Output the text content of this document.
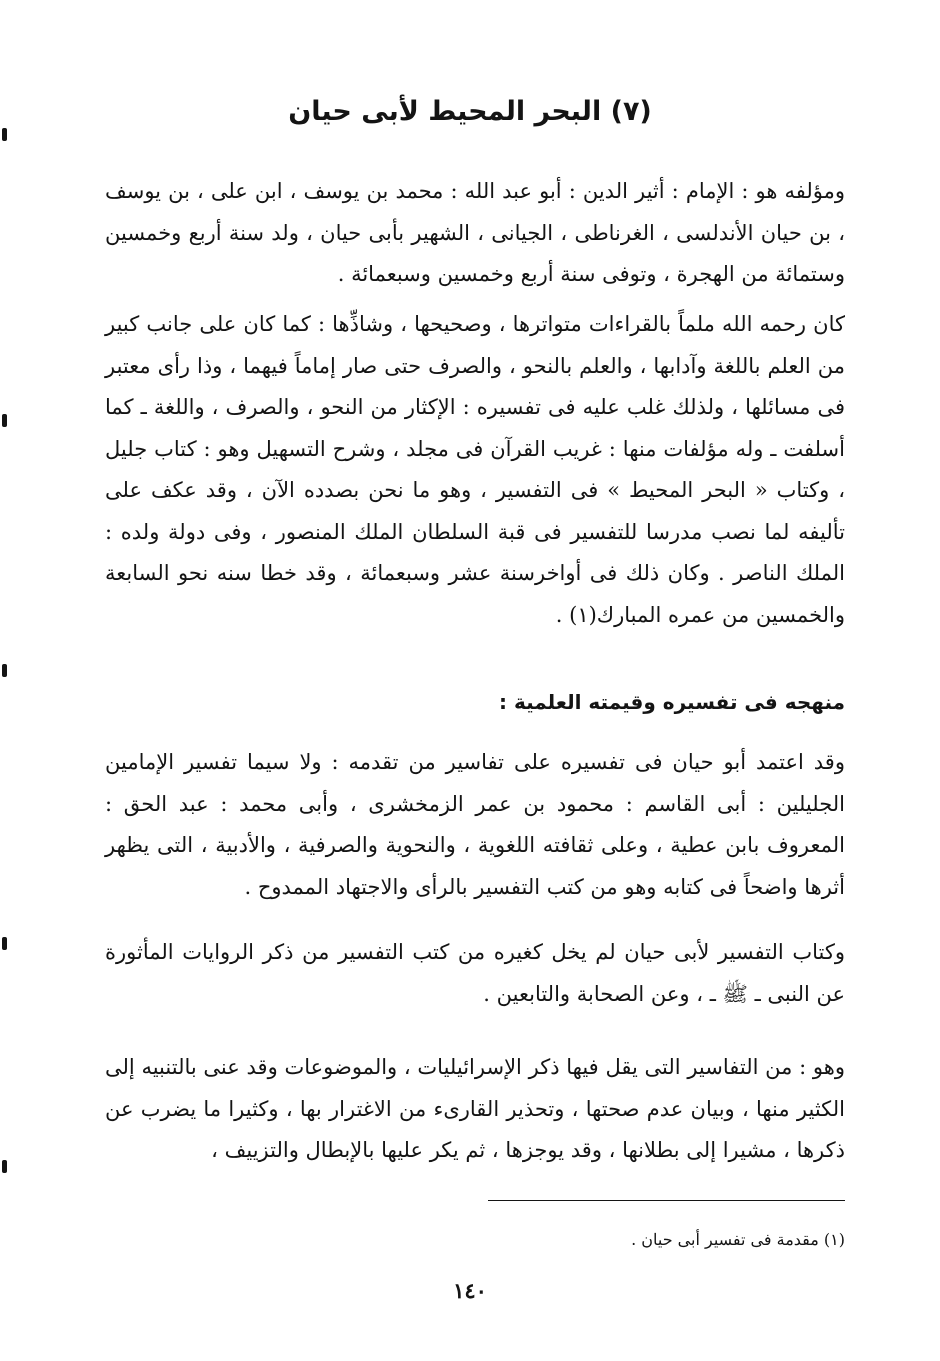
(٧) البحر المحيط لأبى حيان

ومؤلفه هو : الإمام : أثير الدين : أبو عبد الله : محمد بن يوسف ، ابن على ، بن يوسف ، بن حيان الأندلسى ، الغرناطى ، الجيانى ، الشهير بأبى حيان ، ولد سنة أربع وخمسين وستمائة من الهجرة ، وتوفى سنة أربع وخمسين وسبعمائة .

كان رحمه الله ملماً بالقراءات متواترها ، وصحيحها ، وشاذِّها : كما كان على جانب كبير من العلم باللغة وآدابها ، والعلم بالنحو ، والصرف حتى صار إماماً فيهما ، وذا رأى معتبر فى مسائلها ، ولذلك غلب عليه فى تفسيره : الإكثار من النحو ، والصرف ، واللغة ـ كما أسلفت ـ وله مؤلفات منها : غريب القرآن فى مجلد ، وشرح التسهيل وهو : كتاب جليل ، وكتاب « البحر المحيط » فى التفسير ، وهو ما نحن بصدده الآن ، وقد عكف على تأليفه لما نصب مدرسا للتفسير فى قبة السلطان الملك المنصور ، وفى دولة ولده : الملك الناصر . وكان ذلك فى أواخرسنة عشر وسبعمائة ، وقد خطا سنه نحو السابعة والخمسين من عمره المبارك(١) .

منهجه فى تفسيره وقيمته العلمية :

وقد اعتمد أبو حيان فى تفسيره على تفاسير من تقدمه : ولا سيما تفسير الإمامين الجليلين : أبى القاسم : محمود بن عمر الزمخشرى ، وأبى محمد : عبد الحق : المعروف بابن عطية ، وعلى ثقافته اللغوية ، والنحوية والصرفية ، والأدبية ، التى يظهر أثرها واضحاً فى كتابه وهو من كتب التفسير بالرأى والاجتهاد الممدوح .

وكتاب التفسير لأبى حيان لم يخل كغيره من كتب التفسير من ذكر الروايات المأثورة عن النبى ـ ﷺ ـ ، وعن الصحابة والتابعين .

وهو : من التفاسير التى يقل فيها ذكر الإسرائيليات ، والموضوعات وقد عنى بالتنبيه إلى الكثير منها ، وبيان عدم صحتها ، وتحذير القارىء من الاغترار بها ، وكثيرا ما يضرب عن ذكرها ، مشيرا إلى بطلانها ، وقد يوجزها ، ثم يكر عليها بالإبطال والتزييف ،

(١) مقدمة فى تفسير أبى حيان .
١٤٠
